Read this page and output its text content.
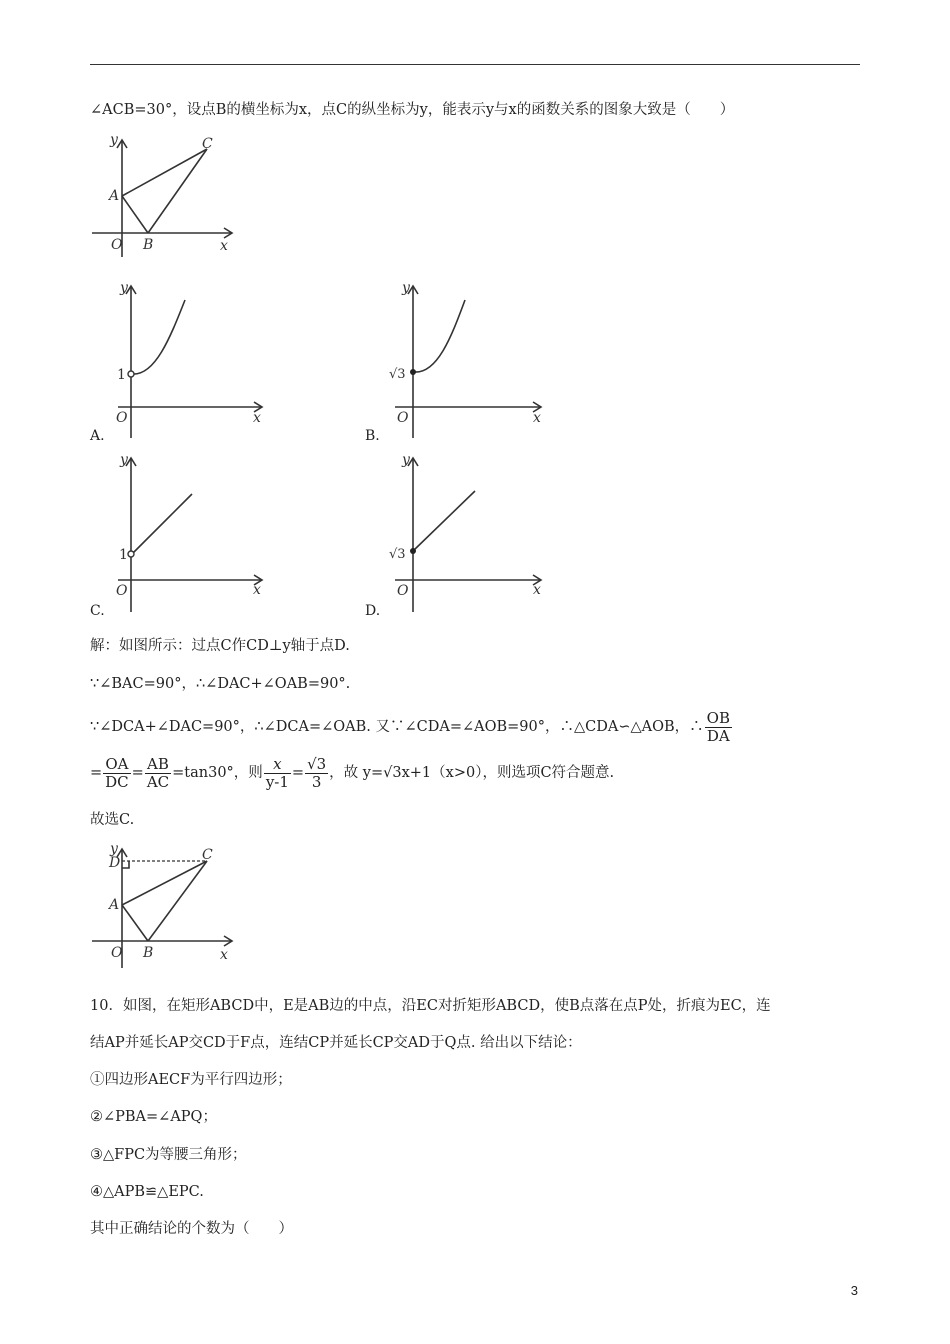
∠ACB=30°，设点B的横坐标为x，点C的纵坐标为y，能表示y与x的函数关系的图象大致是（　　）
y
x
O
A
B
C
y
x
O
1
A.
y
x
O
√3
B.
y
x
O
1
C.
y
x
O
√3
D.
解：如图所示：过点C作CD⊥y轴于点D.
∵∠BAC=90°，∴∠DAC+∠OAB=90°.
∵∠DCA+∠DAC=90°，∴∠DCA=∠OAB. 又∵∠CDA=∠AOB=90°，∴△CDA∽△AOB，∴ $\frac{OB}{DA}$
= $\frac{OA}{DC} = \frac{AB}{AC} =\tan 30^\circ$，则 $\frac{x}{y-1} = \frac{√3}{3}$ ，故 y=√3x+1（x>0），则选项C符合题意.
故选C.
y
x
O
A
B
C
D
10．如图，在矩形ABCD中，E是AB边的中点，沿EC对折矩形ABCD，使B点落在点P处，折痕为EC，连
结AP并延长AP交CD于F点，连结CP并延长CP交AD于Q点. 给出以下结论：
①四边形AECF为平行四边形；
②∠PBA=∠APQ；
③△FPC为等腰三角形；
④△APB≌△EPC.
其中正确结论的个数为（　　）
3
